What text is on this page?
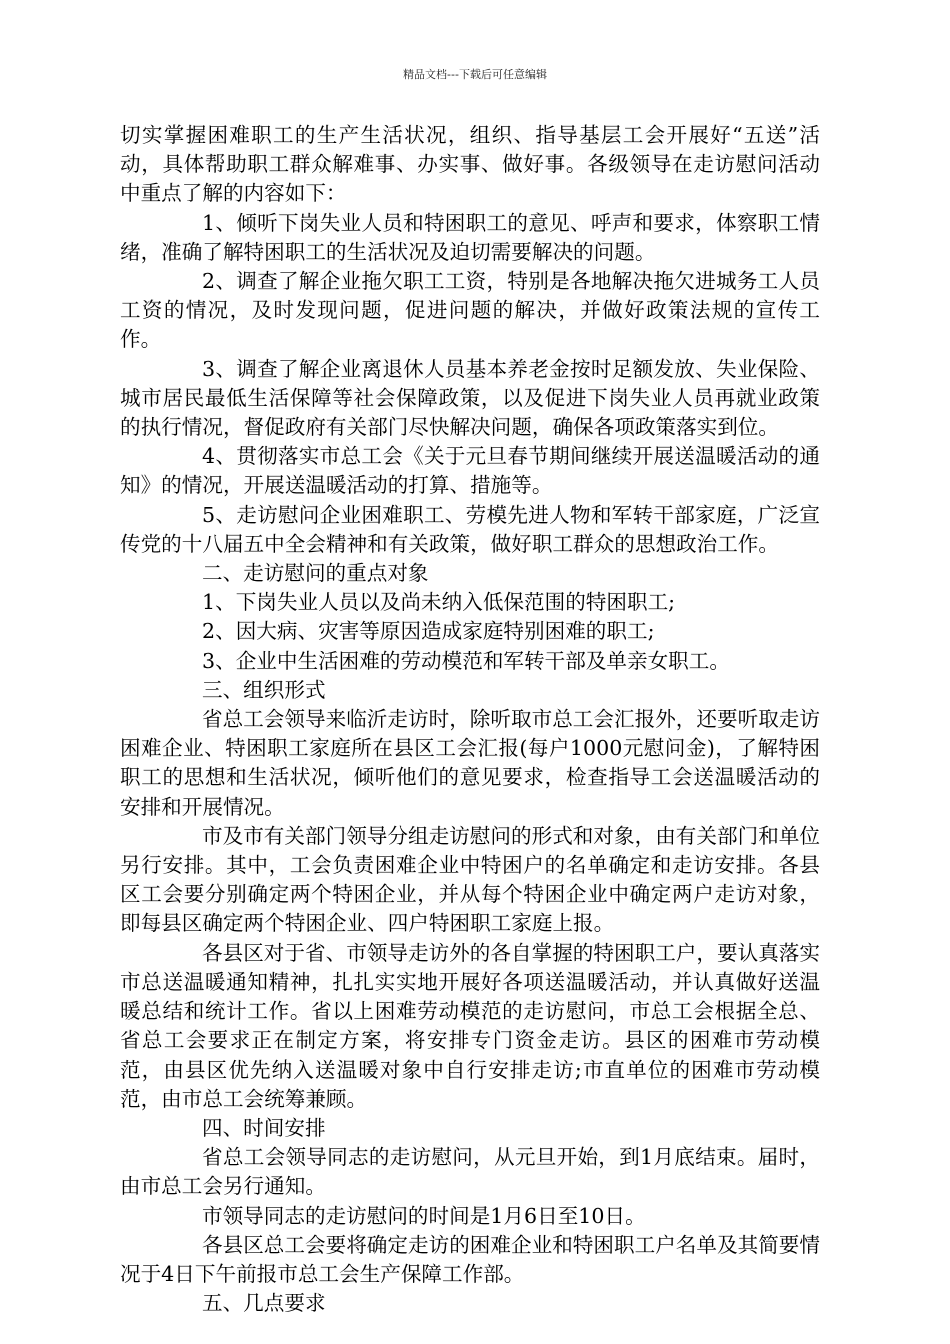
精品文档---下载后可任意编辑

切实掌握困难职工的生产生活状况，组织、指导基层工会开展好“五送”活动，具体帮助职工群众解难事、办实事、做好事。各级领导在走访慰问活动中重点了解的内容如下：

1、倾听下岗失业人员和特困职工的意见、呼声和要求，体察职工情绪，准确了解特困职工的生活状况及迫切需要解决的问题。

2、调查了解企业拖欠职工工资，特别是各地解决拖欠进城务工人员工资的情况，及时发现问题，促进问题的解决，并做好政策法规的宣传工作。

3、调查了解企业离退休人员基本养老金按时足额发放、失业保险、城市居民最低生活保障等社会保障政策，以及促进下岗失业人员再就业政策的执行情况，督促政府有关部门尽快解决问题，确保各项政策落实到位。

4、贯彻落实市总工会《关于元旦春节期间继续开展送温暖活动的通知》的情况，开展送温暖活动的打算、措施等。

5、走访慰问企业困难职工、劳模先进人物和军转干部家庭，广泛宣传党的十八届五中全会精神和有关政策，做好职工群众的思想政治工作。

二、走访慰问的重点对象

1、下岗失业人员以及尚未纳入低保范围的特困职工;

2、因大病、灾害等原因造成家庭特别困难的职工;

3、企业中生活困难的劳动模范和军转干部及单亲女职工。

三、组织形式

省总工会领导来临沂走访时，除听取市总工会汇报外，还要听取走访困难企业、特困职工家庭所在县区工会汇报(每户1000元慰问金)，了解特困职工的思想和生活状况，倾听他们的意见要求，检查指导工会送温暖活动的安排和开展情况。

市及市有关部门领导分组走访慰问的形式和对象，由有关部门和单位另行安排。其中，工会负责困难企业中特困户的名单确定和走访安排。各县区工会要分别确定两个特困企业，并从每个特困企业中确定两户走访对象，即每县区确定两个特困企业、四户特困职工家庭上报。

各县区对于省、市领导走访外的各自掌握的特困职工户，要认真落实市总送温暖通知精神，扎扎实实地开展好各项送温暖活动，并认真做好送温暖总结和统计工作。省以上困难劳动模范的走访慰问，市总工会根据全总、省总工会要求正在制定方案，将安排专门资金走访。县区的困难市劳动模范，由县区优先纳入送温暖对象中自行安排走访;市直单位的困难市劳动模范，由市总工会统筹兼顾。

四、时间安排

省总工会领导同志的走访慰问，从元旦开始，到1月底结束。届时，由市总工会另行通知。

市领导同志的走访慰问的时间是1月6日至10日。

各县区总工会要将确定走访的困难企业和特困职工户名单及其简要情况于4日下午前报市总工会生产保障工作部。

五、几点要求
